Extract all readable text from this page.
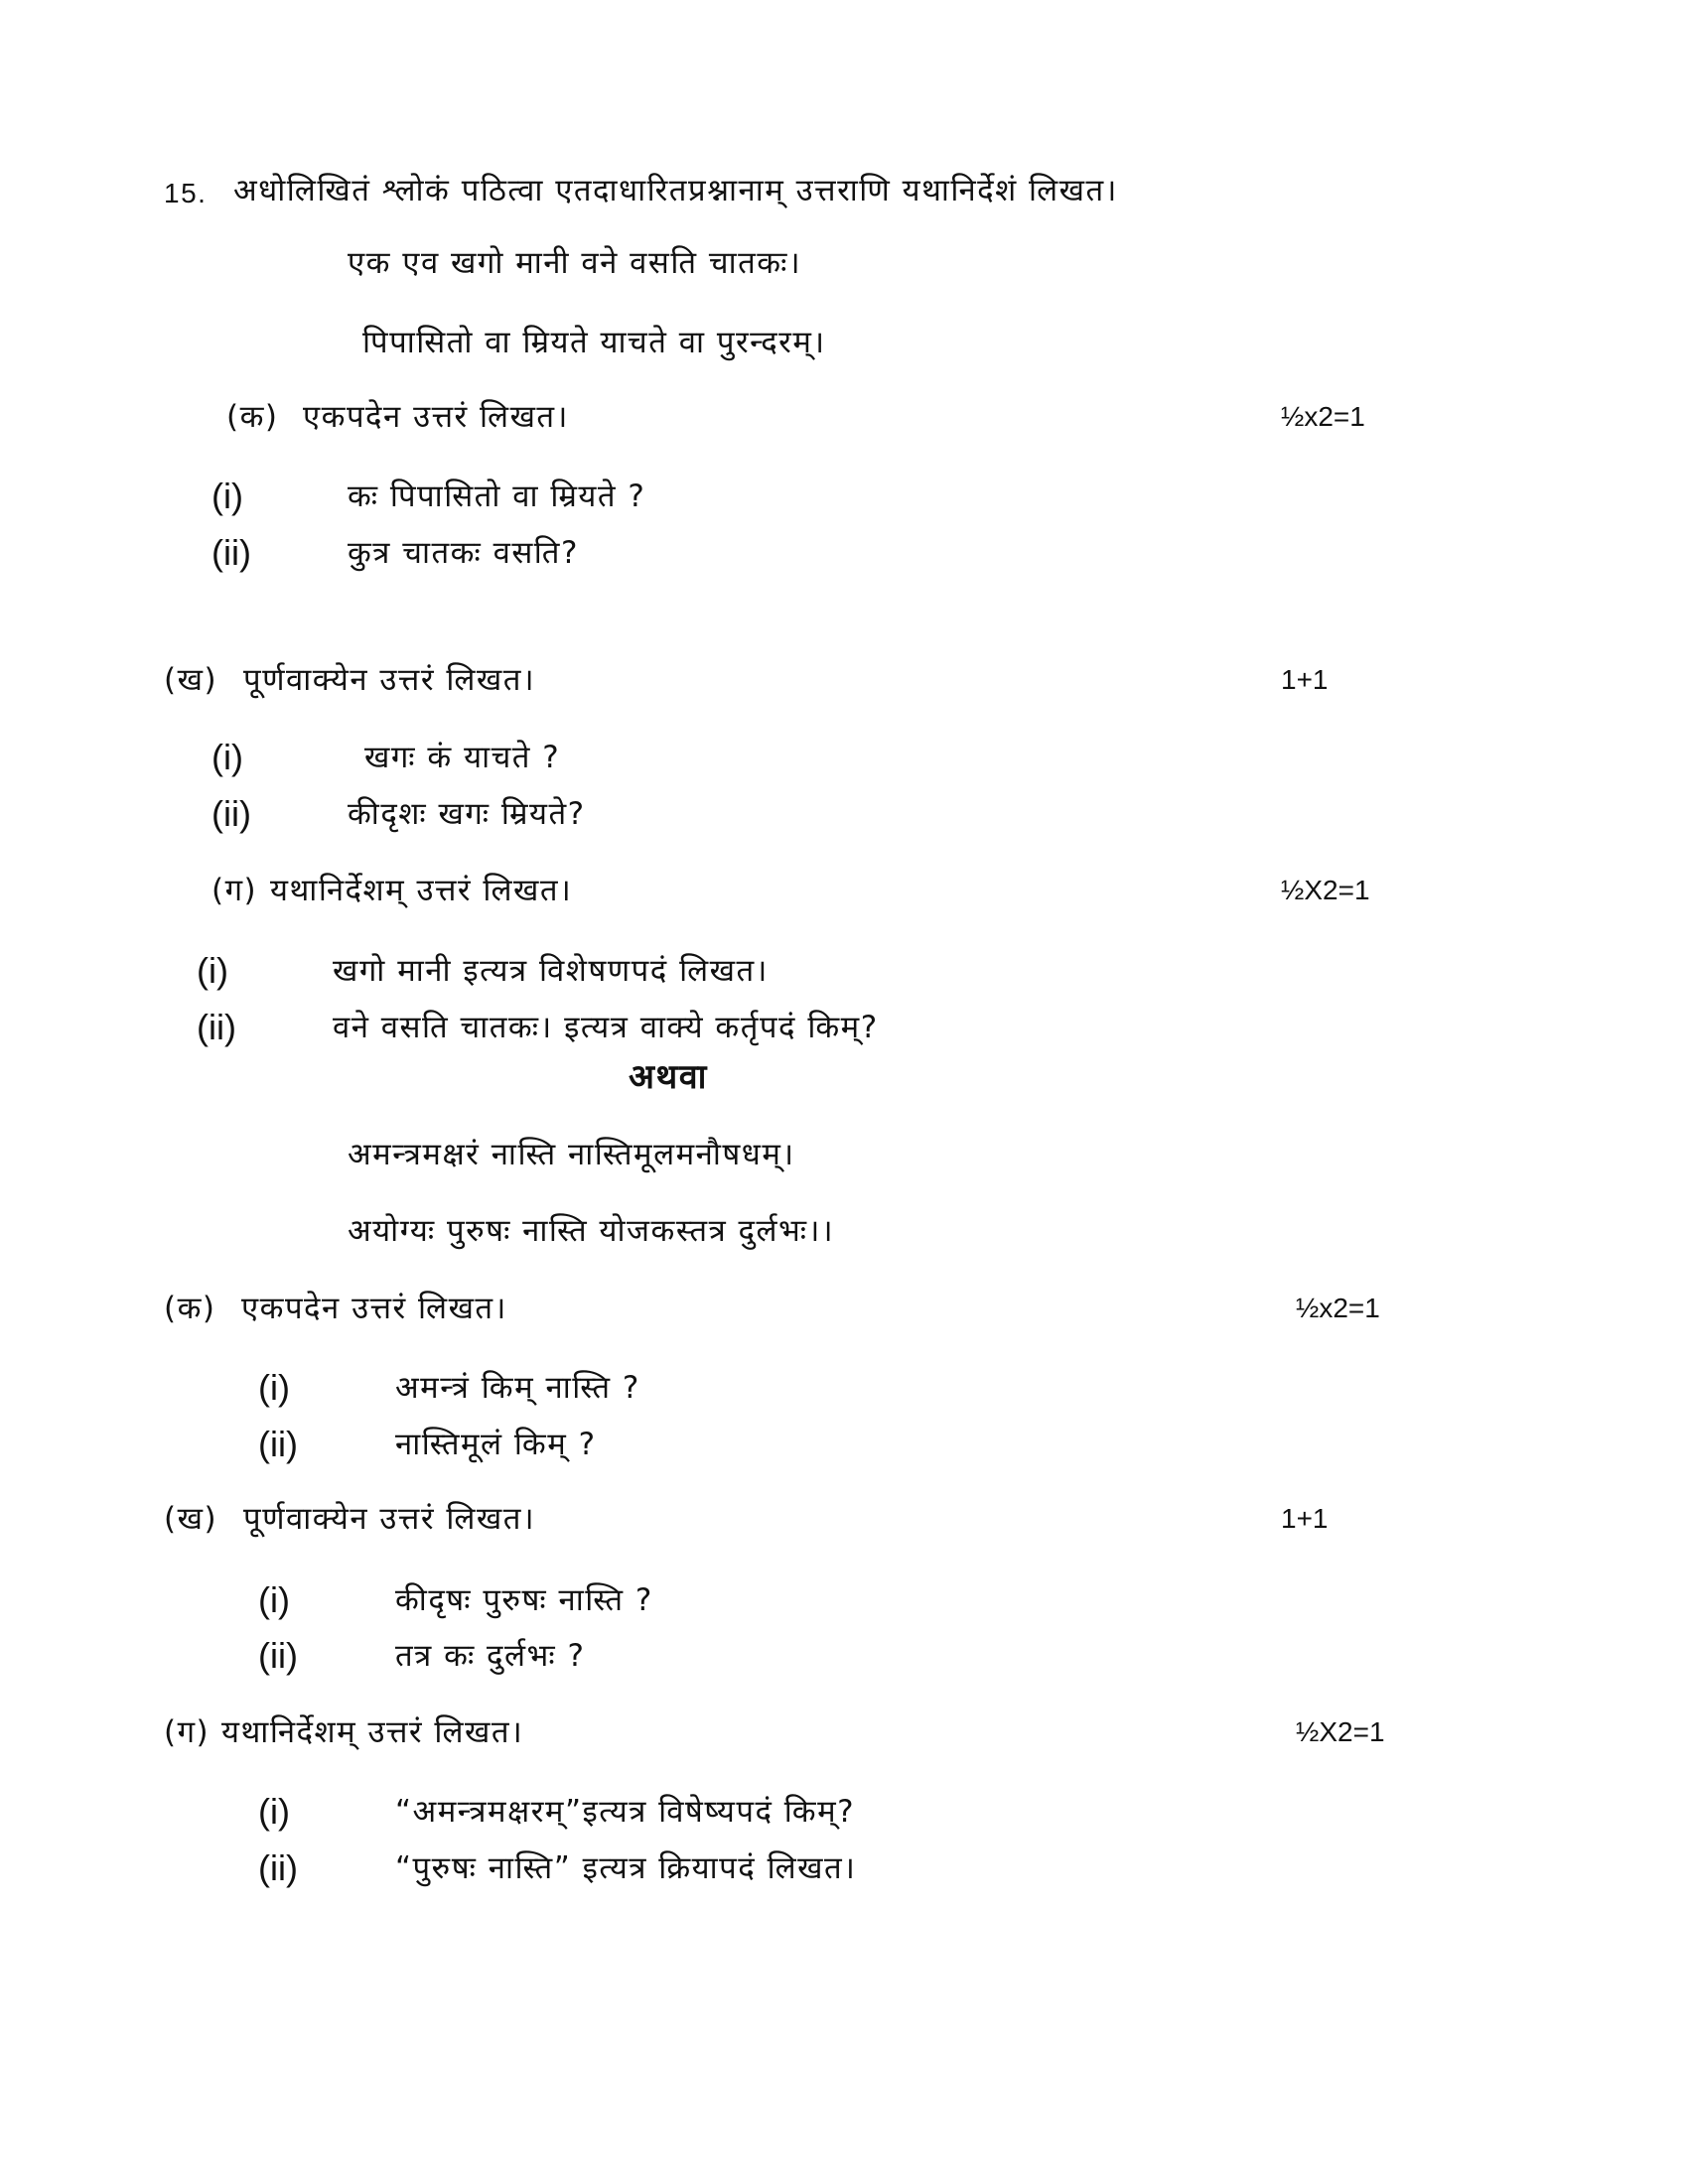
15. अधोलिखितं श्लोकं पठित्वा एतदाधारितप्रश्नानाम् उत्तराणि यथानिर्देशं लिखत।
एक एव खगो मानी वने वसति चातकः।
पिपासितो वा म्रियते याचते वा पुरन्दरम्।
(क) एकपदेन उत्तरं लिखत।	½x2=1
(i)	कः पिपासितो वा म्रियते ?
(ii)	कुत्र चातकः वसति?
(ख) पूर्णवाक्येन उत्तरं लिखत।	1+1
(i)	खगः कं याचते ?
(ii)	कीदृशः खगः म्रियते?
(ग) यथानिर्देशम् उत्तरं लिखत।	½X2=1
(i)	खगो मानी इत्यत्र विशेषणपदं लिखत।
(ii)	वने वसति चातकः। इत्यत्र वाक्ये कर्तृपदं किम्?
अथवा
अमन्त्रमक्षरं नास्ति नास्तिमूलमनौषधम्।
अयोग्यः पुरुषः नास्ति योजकस्तत्र दुर्लभः।।
(क) एकपदेन उत्तरं लिखत।	½x2=1
(i)	अमन्त्रं किम् नास्ति ?
(ii)	नास्तिमूलं किम् ?
(ख) पूर्णवाक्येन उत्तरं लिखत।	1+1
(i)	कीदृषः पुरुषः नास्ति ?
(ii)	तत्र कः दुर्लभः ?
(ग) यथानिर्देशम् उत्तरं लिखत।	½X2=1
(i)	“अमन्त्रमक्षरम्”इत्यत्र विषेष्यपदं किम्?
(ii)	“पुरुषः नास्ति” इत्यत्र क्रियापदं लिखत।
